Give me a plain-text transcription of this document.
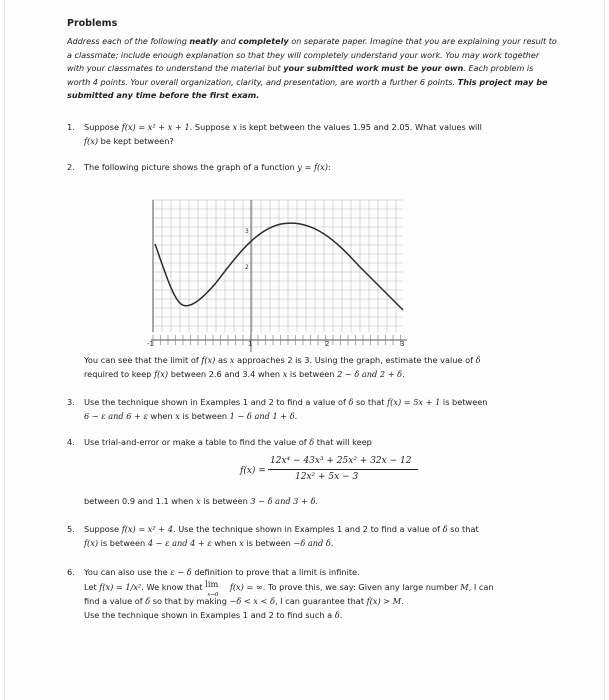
Problems
Address each of the following neatly and completely on separate paper. Imagine that you are explaining your result to a classmate; include enough explanation so that they will completely understand your work. You may work together with your classmates to understand the material but your submitted work must be your own. Each problem is worth 4 points. Your overall organization, clarity, and presentation, are worth a further 6 points. This project may be submitted any time before the first exam.
1. Suppose f(x) = x² + x + 1. Suppose x is kept between the values 1.95 and 2.05. What values will
f(x) be kept between?
2. The following picture shows the graph of a function y = f(x):
You can see that the limit of f(x) as x approaches 2 is 3. Using the graph, estimate the value of δ
required to keep f(x) between 2.6 and 3.4 when x is between 2 − δ and 2 + δ.
3. Use the technique shown in Examples 1 and 2 to find a value of δ so that f(x) = 5x + 1 is between
6 − ε and 6 + ε when x is between 1 − δ and 1 + δ.
4. Use trial-and-error or make a table to find the value of δ that will keep
f(x) =
12x⁴ − 43x³ + 25x² + 32x − 12
12x² + 5x − 3
between 0.9 and 1.1 when x is between 3 − δ and 3 + δ.
5. Suppose f(x) = x² + 4. Use the technique shown in Examples 1 and 2 to find a value of δ so that
f(x) is between 4 − ε and 4 + ε when x is between −δ and δ.
6. You can also use the ε − δ definition to prove that a limit is infinite.
Let f(x) = 1/x². We know that lim
x→0
f(x) = ∞. To prove this, we say: Given any large number M, I can
find a value of δ so that by making −δ < x < δ, I can guarantee that f(x) > M.
Use the technique shown in Examples 1 and 2 to find such a δ.
-1	1	2	3
3
2
